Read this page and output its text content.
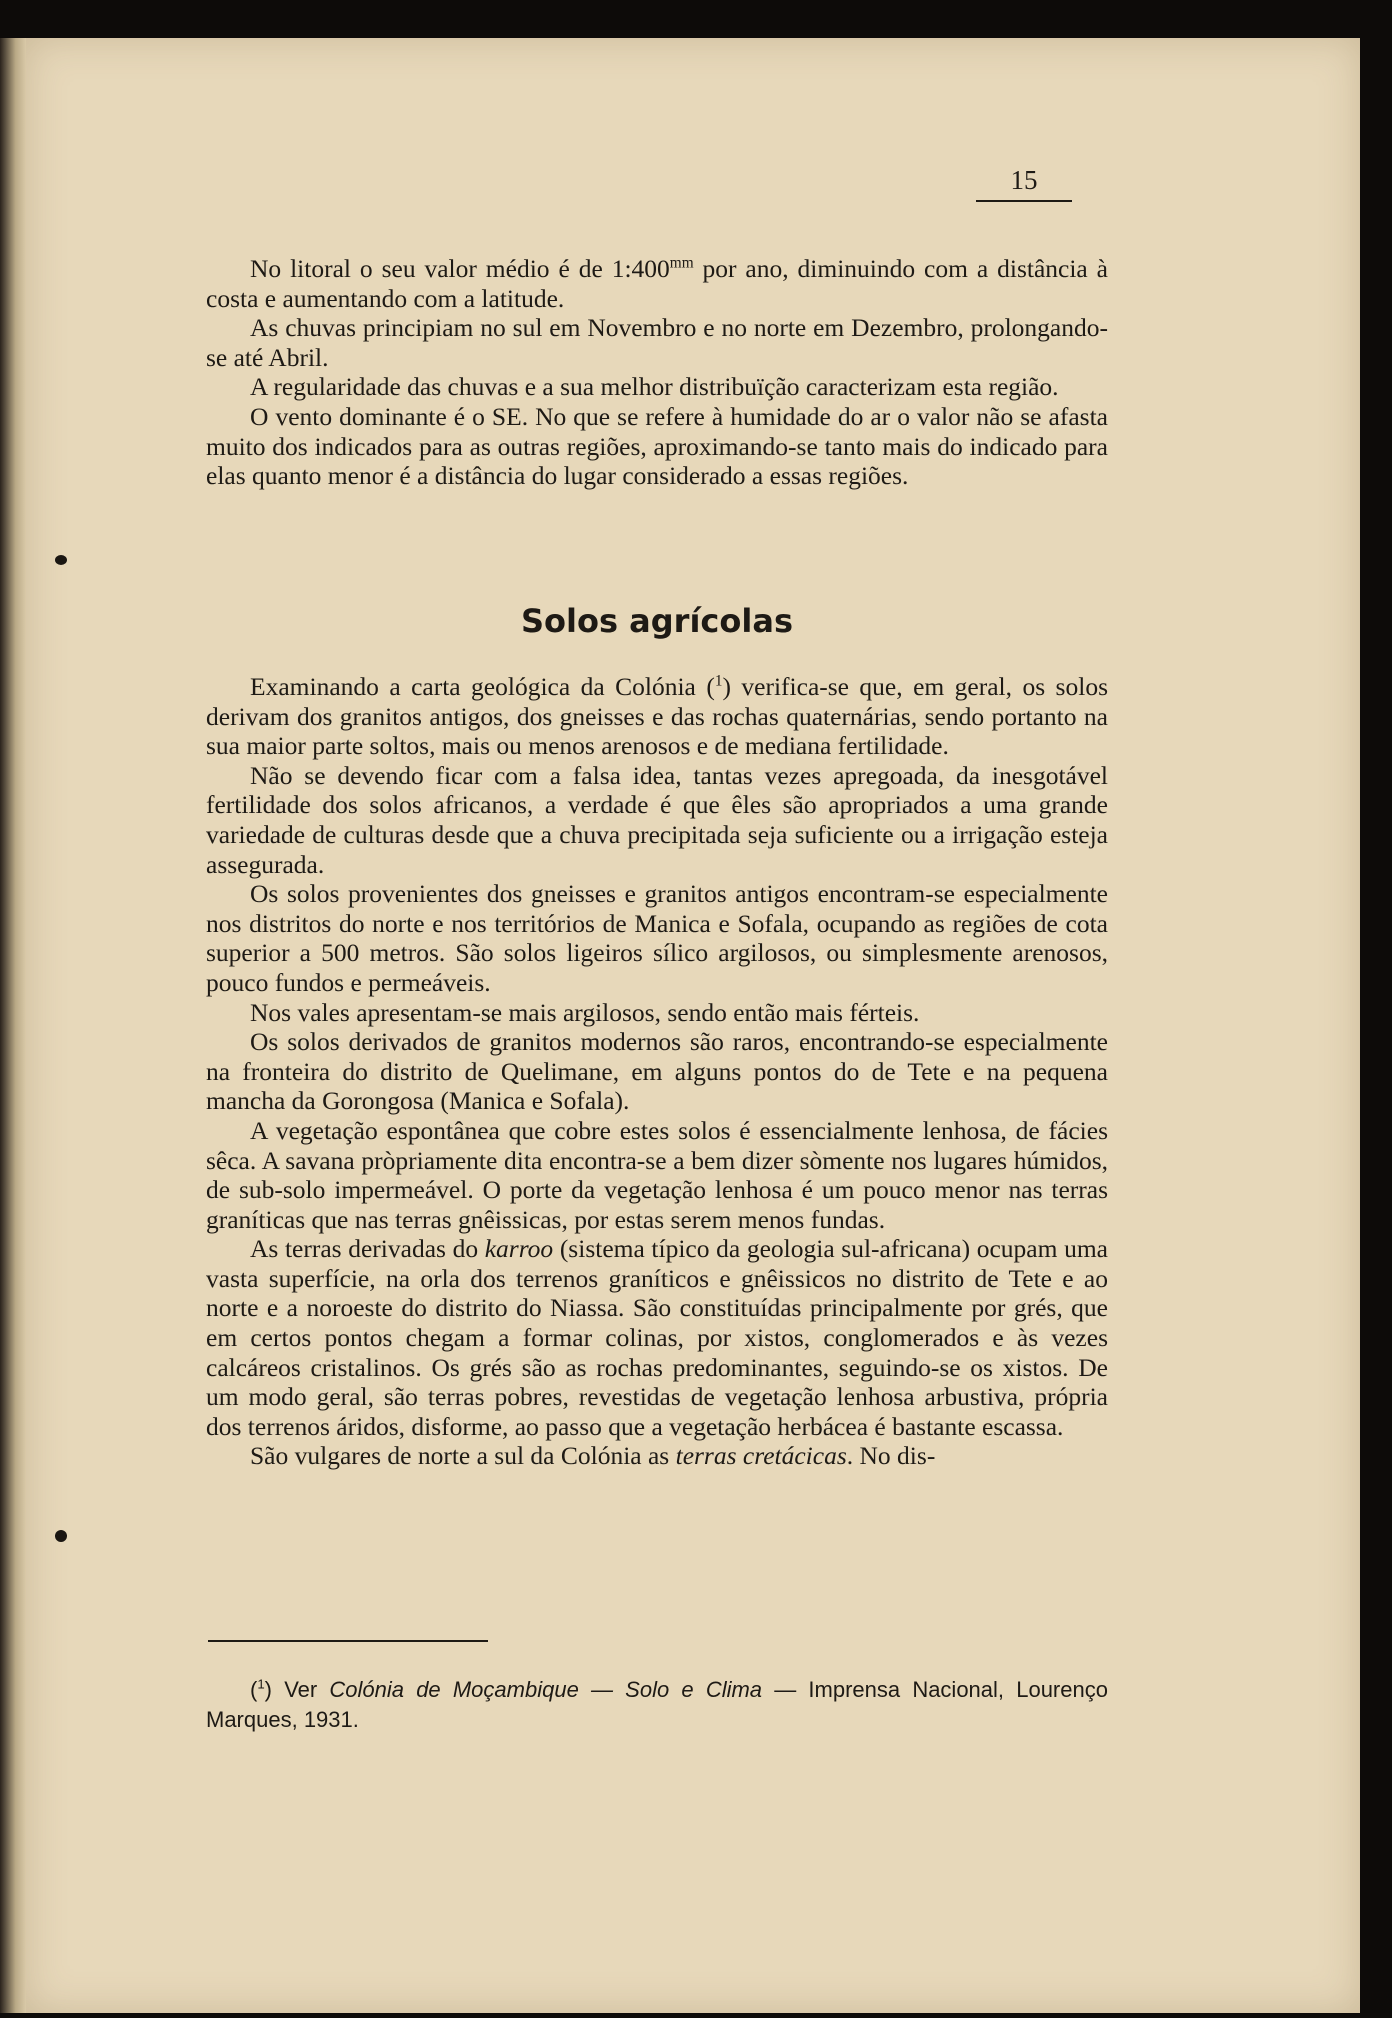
15

No litoral o seu valor médio é de $1:400^{mm}$ por ano, diminuindo com a distância à costa e aumentando com a latitude.

As chuvas principiam no sul em Novembro e no norte em Dezembro, prolongando-se até Abril.

A regularidade das chuvas e a sua melhor distribuïção caracterizam esta região.

O vento dominante é o SE. No que se refere à humidade do ar o valor não se afasta muito dos indicados para as outras regiões, aproximando-se tanto mais do indicado para elas quanto menor é a distância do lugar considerado a essas regiões.

Solos agrícolas

Examinando a carta geológica da Colónia ($^1$) verifica-se que, em geral, os solos derivam dos granitos antigos, dos gneisses e das rochas quaternárias, sendo portanto na sua maior parte soltos, mais ou menos arenosos e de mediana fertilidade.

Não se devendo ficar com a falsa idea, tantas vezes apregoada, da inesgotável fertilidade dos solos africanos, a verdade é que êles são apropriados a uma grande variedade de culturas desde que a chuva precipitada seja suficiente ou a irrigação esteja assegurada.

Os solos provenientes dos gneisses e granitos antigos encontram-se especialmente nos distritos do norte e nos territórios de Manica e Sofala, ocupando as regiões de cota superior a 500 metros. São solos ligeiros sílico argilosos, ou simplesmente arenosos, pouco fundos e permeáveis.

Nos vales apresentam-se mais argilosos, sendo então mais férteis.

Os solos derivados de granitos modernos são raros, encontrando-se especialmente na fronteira do distrito de Quelimane, em alguns pontos do de Tete e na pequena mancha da Gorongosa (Manica e Sofala).

A vegetação espontânea que cobre estes solos é essencialmente lenhosa, de fácies sêca. A savana pròpriamente dita encontra-se a bem dizer sòmente nos lugares húmidos, de sub-solo impermeável. O porte da vegetação lenhosa é um pouco menor nas terras graníticas que nas terras gnêissicas, por estas serem menos fundas.

As terras derivadas do karroo (sistema típico da geologia sul-africana) ocupam uma vasta superfície, na orla dos terrenos graníticos e gnêissicos no distrito de Tete e ao norte e a noroeste do distrito do Niassa. São constituídas principalmente por grés, que em certos pontos chegam a formar colinas, por xistos, conglomerados e às vezes calcáreos cristalinos. Os grés são as rochas predominantes, seguindo-se os xistos. De um modo geral, são terras pobres, revestidas de vegetação lenhosa arbustiva, própria dos terrenos áridos, disforme, ao passo que a vegetação herbácea é bastante escassa.

São vulgares de norte a sul da Colónia as terras cretácicas. No dis-

($^1$) Ver Colónia de Moçambique — Solo e Clima — Imprensa Nacional, Lourenço Marques, 1931.
